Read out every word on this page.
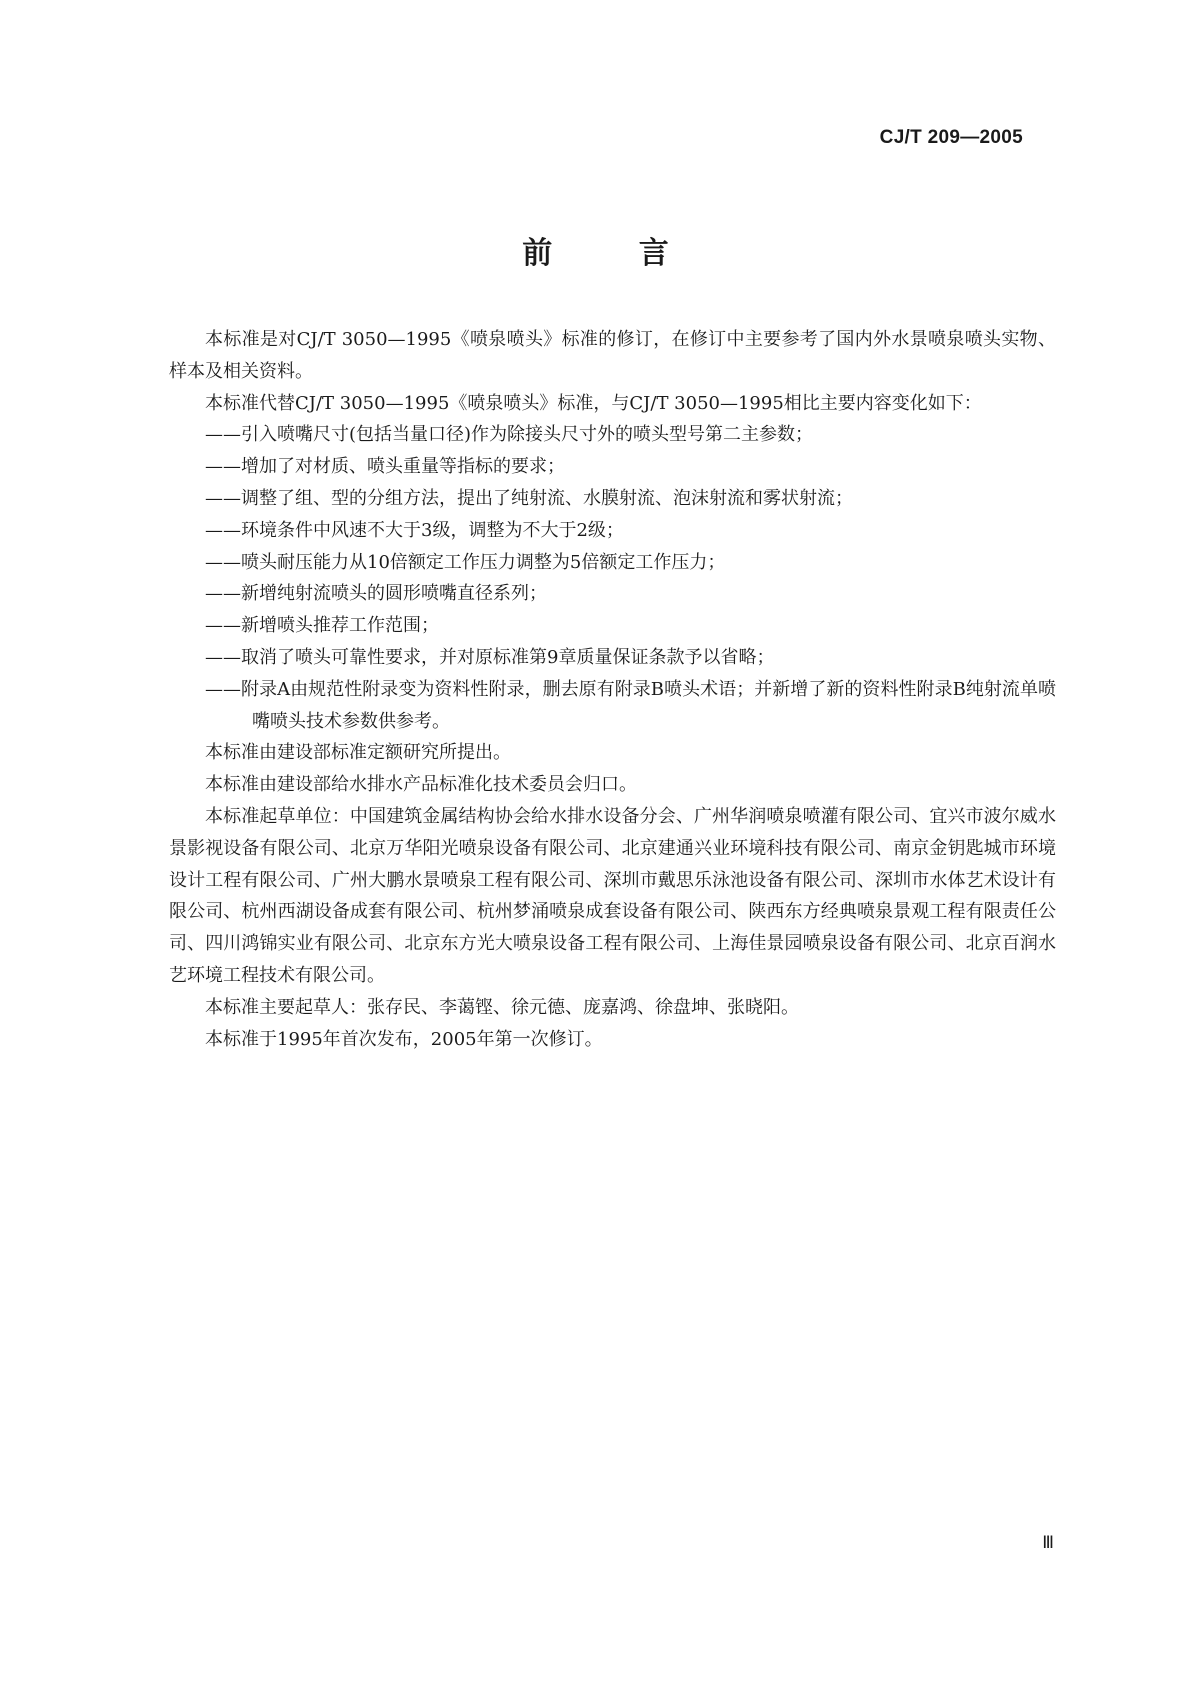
CJ/T 209—2005
前 言

本标准是对CJ/T 3050—1995《喷泉喷头》标准的修订，在修订中主要参考了国内外水景喷泉喷头实物、样本及相关资料。

本标准代替CJ/T 3050—1995《喷泉喷头》标准，与CJ/T 3050—1995相比主要内容变化如下：

——引入喷嘴尺寸(包括当量口径)作为除接头尺寸外的喷头型号第二主参数；

——增加了对材质、喷头重量等指标的要求；

——调整了组、型的分组方法，提出了纯射流、水膜射流、泡沫射流和雾状射流；

——环境条件中风速不大于3级，调整为不大于2级；

——喷头耐压能力从10倍额定工作压力调整为5倍额定工作压力；

——新增纯射流喷头的圆形喷嘴直径系列；

——新增喷头推荐工作范围；

——取消了喷头可靠性要求，并对原标准第9章质量保证条款予以省略；

——附录A由规范性附录变为资料性附录，删去原有附录B喷头术语；并新增了新的资料性附录B纯射流单喷嘴喷头技术参数供参考。

本标准由建设部标准定额研究所提出。

本标准由建设部给水排水产品标准化技术委员会归口。

本标准起草单位：中国建筑金属结构协会给水排水设备分会、广州华润喷泉喷灌有限公司、宜兴市波尔威水景影视设备有限公司、北京万华阳光喷泉设备有限公司、北京建通兴业环境科技有限公司、南京金钥匙城市环境设计工程有限公司、广州大鹏水景喷泉工程有限公司、深圳市戴思乐泳池设备有限公司、深圳市水体艺术设计有限公司、杭州西湖设备成套有限公司、杭州梦涌喷泉成套设备有限公司、陕西东方经典喷泉景观工程有限责任公司、四川鸿锦实业有限公司、北京东方光大喷泉设备工程有限公司、上海佳景园喷泉设备有限公司、北京百润水艺环境工程技术有限公司。

本标准主要起草人：张存民、李蔼铿、徐元德、庞嘉鸿、徐盘坤、张晓阳。

本标准于1995年首次发布，2005年第一次修订。

Ⅲ
